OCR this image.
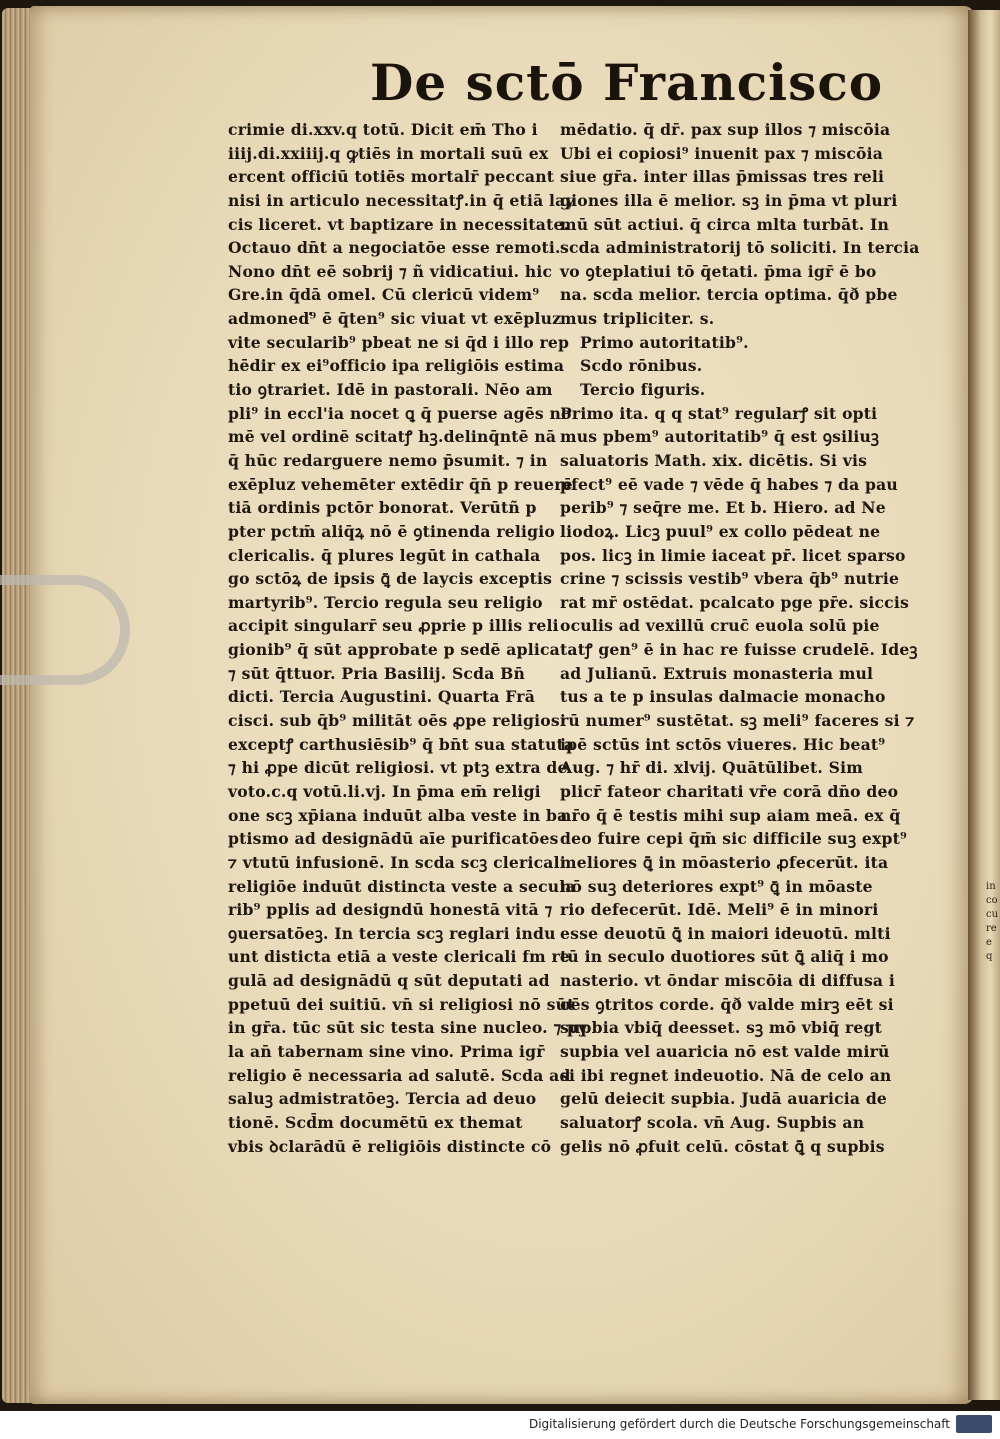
De sctō Francisco
crimie di.xxv.q totū. Dicit em̄ Tho i
iiij.di.xxiiij.q ꝙtiēs in mortali suū ex
ercent officiū totiēs mortalr̄ peccant
nisi in articulo necessitatꝭ.in q̄ etiā lay
cis liceret. vt baptizare in necessitate.
Octauo dn̄t a negociatōe esse remoti.
Nono dn̄t eē sobrij ⁊ ñ vidicatiui. hic
Gre.in q̄dā omel. Cū clericū videm⁹
admoneď⁹ ē q̄ten⁹ sic viuat vt exēpluz
vite secularib⁹ pbeat ne si q̄d i illo rep
hēdir ex ei⁹officio ipa religiōis estima
tio ꝯtrariet. Idē in pastorali. Nēo am
pli⁹ in eccl'ia nocet ꝗ q̄ puerse agēs no
mē vel ordinē scitatꝭ hꝫ.delinq̄ntē nā
q̄ hūc redarguere nemo p̄sumit. ⁊ in
exēpluz vehemēter extēdir q̄n̄ p reuerē
tiā ordinis pctōr bonorat. Verūtñ p
pter pctm̄ aliq̄ꝝ nō ē ꝯtinenda religio
clericalis. q̄ plures legūt in cathala
go sctōꝝ de ipsis ꝗ̄ de laycis exceptis
martyrib⁹. Tercio regula seu religio
accipit singularr̄ seu ꝓprie p illis reli
gionib⁹ q̄ sūt approbate p sedē aplica
⁊ sūt q̄ttuor. Pria Basilij. Scda Bn̄
dicti. Tercia Augustini. Quarta Frā
cisci. sub q̄b⁹ militāt oēs ꝓpe religiosi
exceptꝭ carthusiēsib⁹ q̄ bn̄t sua statuta
⁊ hi ꝓpe dicūt religiosi. vt ptꝫ extra de
voto.c.q votū.li.vj. In p̄ma em̄ religi
one scꝫ xp̄iana induūt alba veste in ba
ptismo ad designādū aīe purificatōes
⁊ vtutū infusionē. In scda scꝫ clericali
religiōe induūt distincta veste a secula
rib⁹ pplis ad designdū honestā vitā ⁊
ꝯuersatōeꝫ. In tercia scꝫ reglari indu
unt disticta etiā a veste clericali fm re
gulā ad designādū q sūt deputati ad
ppetuū dei suitiū. vn̄ si religiosi nō sūt
in gr̄a. tūc sūt sic testa sine nucleo. ⁊ py
la an̄ tabernam sine vino. Prima igr̄
religio ē necessaria ad salutē. Scda ad
saluꝫ admistratōeꝫ. Tercia ad deuo
tionē. Scd̄m documētū ex themat
vbis ꝺclarādū ē religiōis distincte cō
mēdatio. q̄ dr̄. pax sup illos ⁊ miscōia
Ubi ei copiosi⁹ inuenit pax ⁊ miscōia
siue gr̄a. inter illas p̄missas tres reli
giones illa ē melior. sꝫ in p̄ma vt pluri
mū sūt actiui. q̄ circa mlta turbāt. In
scda administratorij tō soliciti. In tercia
vo ꝯteplatiui tō q̄etati. p̄ma igr̄ ē bo
na. scda melior. tercia optima. q̄ð pbe
mus tripliciter. s.
Primo autoritatib⁹.
Scdo rōnibus.
Tercio figuris.
Primo ita. q q stat⁹ regularꝭ sit opti
mus pbem⁹ autoritatib⁹ q̄ est ꝯsiliuꝫ
saluatoris Math. xix. dicētis. Si vis
pfect⁹ eē vade ⁊ vēde q̄ habes ⁊ da pau
perib⁹ ⁊ seq̄re me. Et b. Hiero. ad Ne
liodoꝝ. Licꝫ puul⁹ ex collo pēdeat ne
pos. licꝫ in limie iaceat pr̄. licet sparso
crine ⁊ scissis vestib⁹ vbera q̄b⁹ nutrie
rat mr̄ ostēdat. pcalcato pge pr̄e. siccis
oculis ad vexillū cruc̄ euola solū pie
tatꝭ gen⁹ ē in hac re fuisse crudelē. Ideꝫ
ad Julianū. Extruis monasteria mul
tus a te p insulas dalmacie monacho
rū numer⁹ sustētat. sꝫ meli⁹ faceres si ⁊
ipē sctūs int sctōs viueres. Hic beat⁹
Aug. ⁊ hr̄ di. xlvij. Quātūlibet. Sim
plicr̄ fateor charitati vr̄e corā dn̄o deo
nr̄o q̄ ē testis mihi sup aiam meā. ex q̄
deo fuire cepi q̄m̄ sic difficile suꝫ expt⁹
meliores ꝗ̄ in mōasterio ꝓfecerūt. ita
nō suꝫ deteriores expt⁹ ꝗ̄ in mōaste
rio defecerūt. Idē. Meli⁹ ē in minori
esse deuotū ꝗ̄ in maiori ideuotū. mlti
tū in seculo duotiores sūt ꝗ̄ aliq̄ i mo
nasterio. vt ōndar miscōia di diffusa i
oēs ꝯtritos corde. q̄ð valde mirꝫ eēt si
supbia vbiq̄ deesset. sꝫ mō vbiq̄ regt
supbia vel auaricia nō est valde mirū
si ibi regnet indeuotio. Nā de celo an
gelū deiecit supbia. Judā auaricia de
saluatorꝭ scola. vn̄ Aug. Supbis an
gelis nō ꝓfuit celū. cōstat ꝗ̄ q supbis
in
co
cu
re
e
q
Digitalisierung gefördert durch die Deutsche Forschungsgemeinschaft
